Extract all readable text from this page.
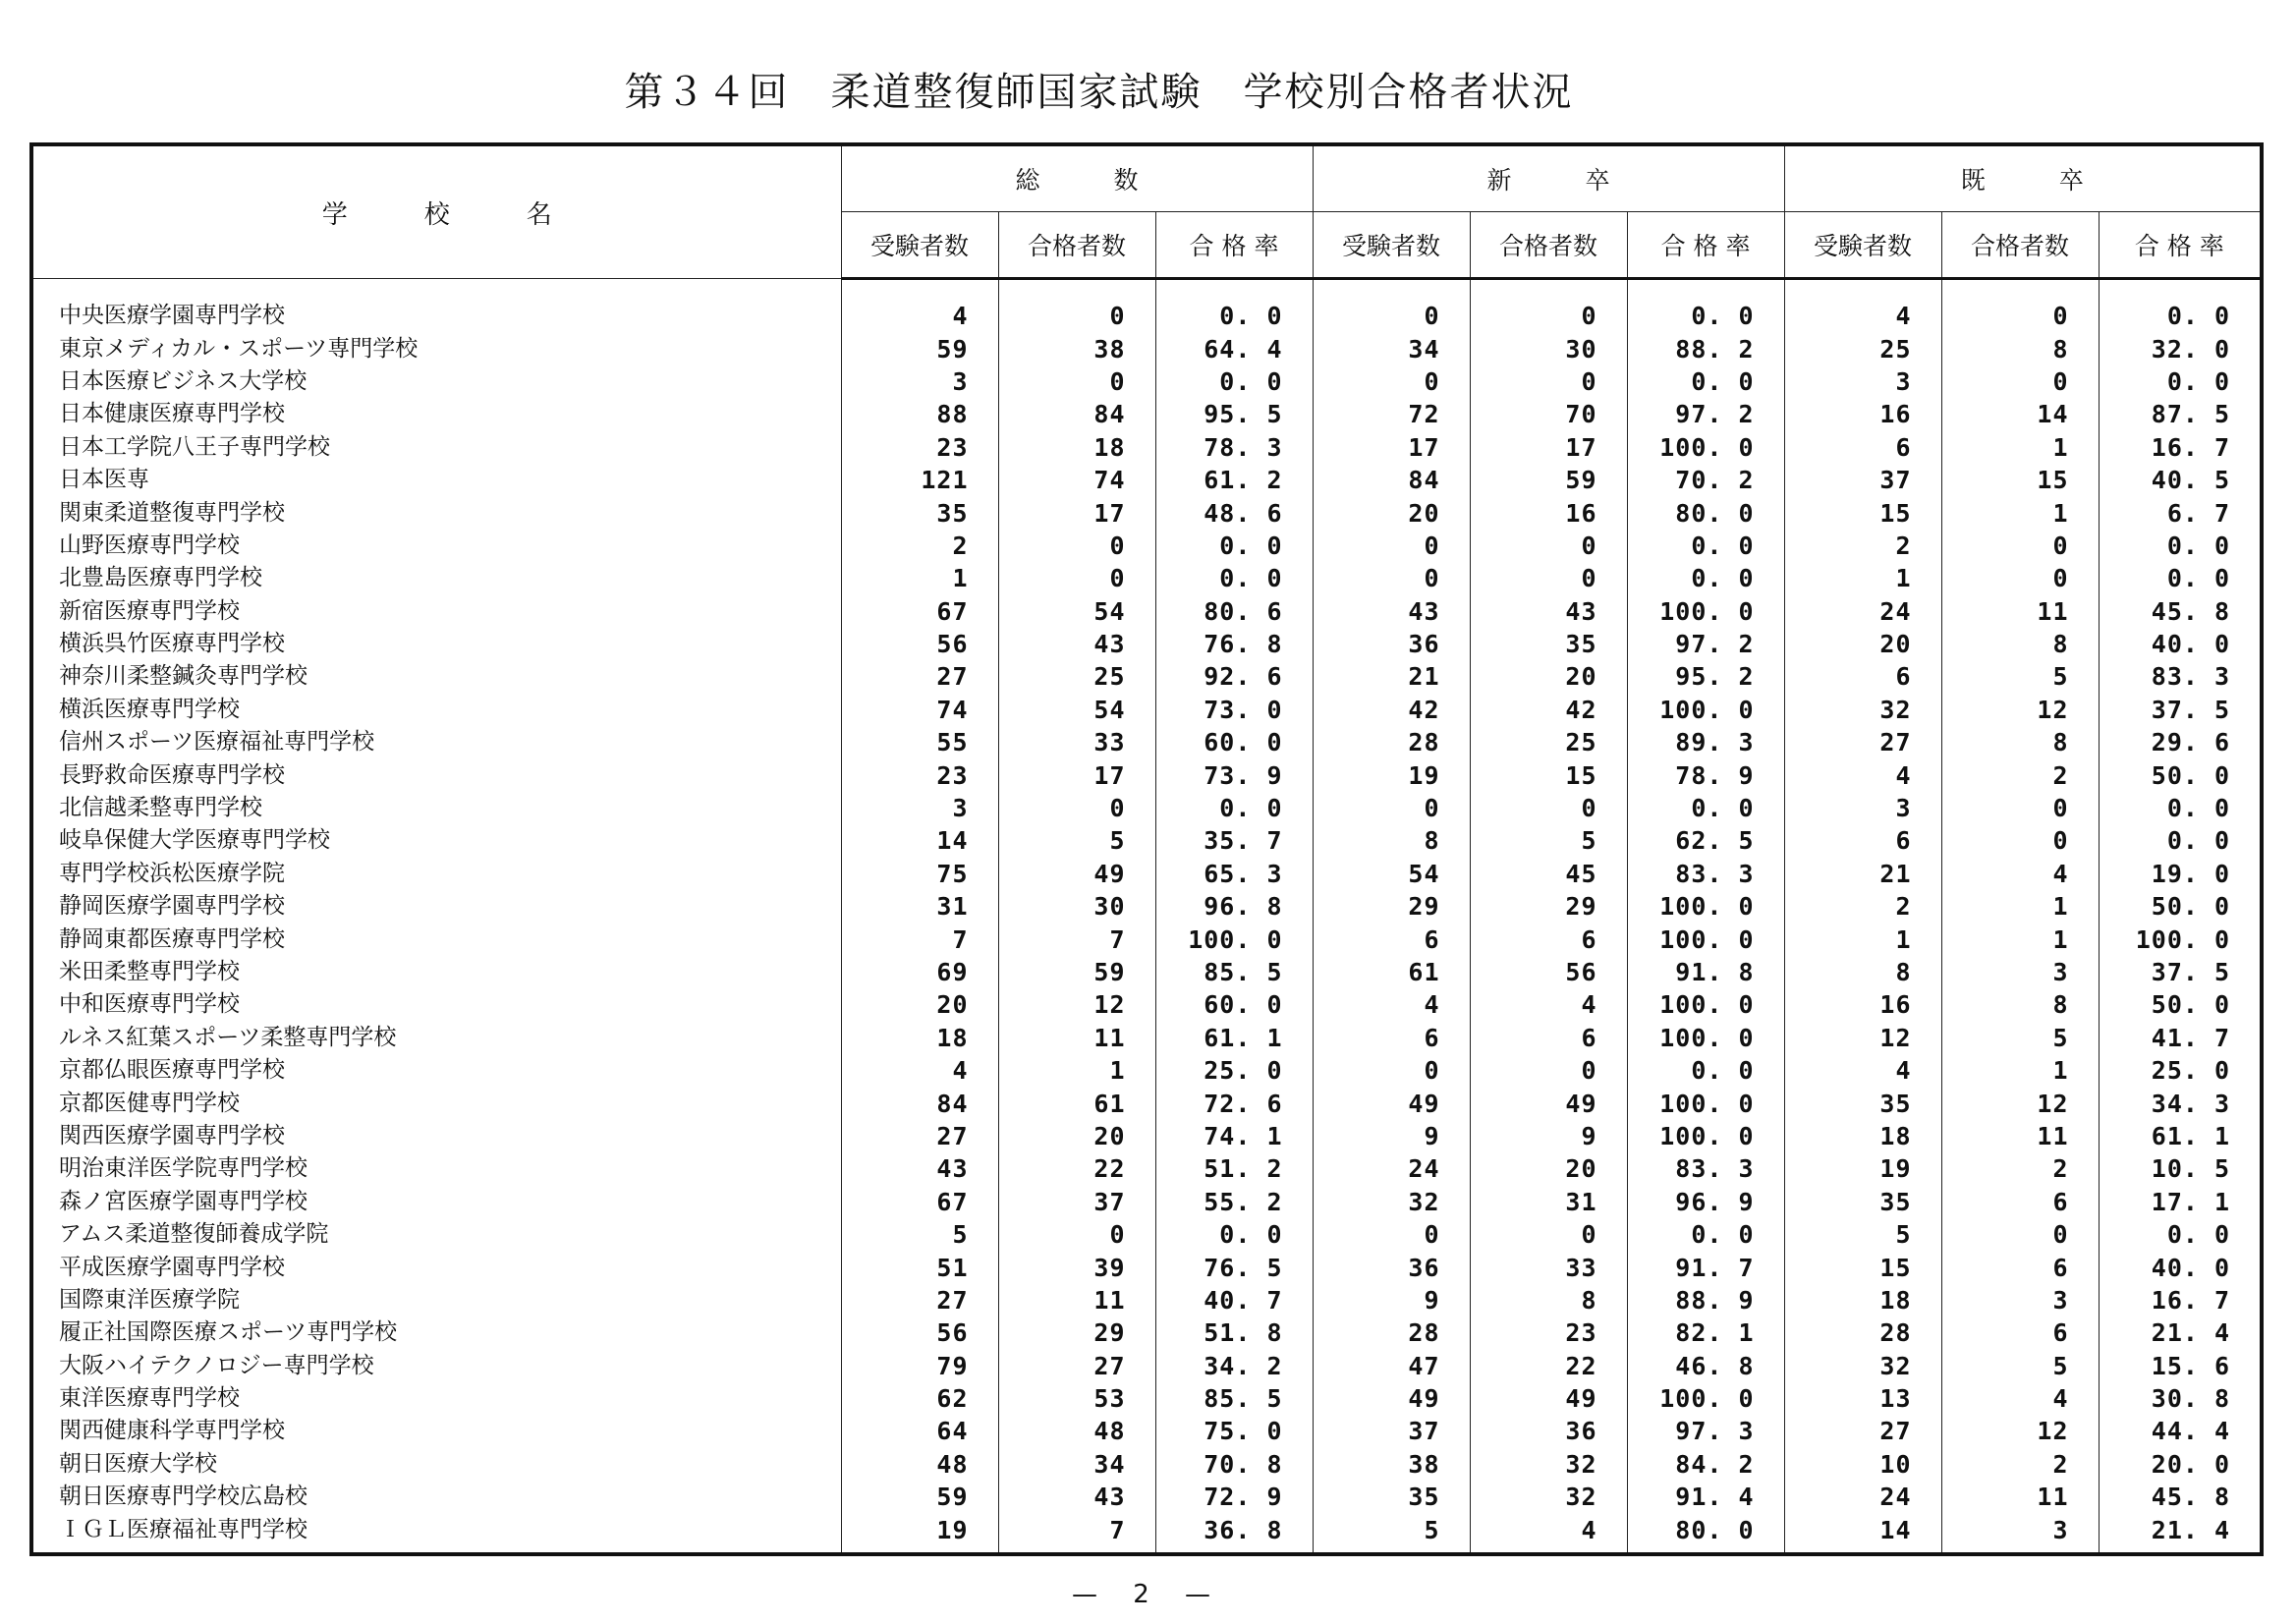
第３４回　柔道整復師国家試験　学校別合格者状況
学　　　校　　　名	総　　　数			新　　　卒			既　　　卒		
	受験者数	合格者数	合 格 率	受験者数	合格者数	合 格 率	受験者数	合格者数	合 格 率

中央医療学園専門学校	4	0	0. 0	0	0	0. 0	4	0	0. 0
東京メディカル・スポーツ専門学校	59	38	64. 4	34	30	88. 2	25	8	32. 0
日本医療ビジネス大学校	3	0	0. 0	0	0	0. 0	3	0	0. 0
日本健康医療専門学校	88	84	95. 5	72	70	97. 2	16	14	87. 5
日本工学院八王子専門学校	23	18	78. 3	17	17	100. 0	6	1	16. 7
日本医専	121	74	61. 2	84	59	70. 2	37	15	40. 5
関東柔道整復専門学校	35	17	48. 6	20	16	80. 0	15	1	6. 7
山野医療専門学校	2	0	0. 0	0	0	0. 0	2	0	0. 0
北豊島医療専門学校	1	0	0. 0	0	0	0. 0	1	0	0. 0
新宿医療専門学校	67	54	80. 6	43	43	100. 0	24	11	45. 8
横浜呉竹医療専門学校	56	43	76. 8	36	35	97. 2	20	8	40. 0
神奈川柔整鍼灸専門学校	27	25	92. 6	21	20	95. 2	6	5	83. 3
横浜医療専門学校	74	54	73. 0	42	42	100. 0	32	12	37. 5
信州スポーツ医療福祉専門学校	55	33	60. 0	28	25	89. 3	27	8	29. 6
長野救命医療専門学校	23	17	73. 9	19	15	78. 9	4	2	50. 0
北信越柔整専門学校	3	0	0. 0	0	0	0. 0	3	0	0. 0
岐阜保健大学医療専門学校	14	5	35. 7	8	5	62. 5	6	0	0. 0
専門学校浜松医療学院	75	49	65. 3	54	45	83. 3	21	4	19. 0
静岡医療学園専門学校	31	30	96. 8	29	29	100. 0	2	1	50. 0
静岡東都医療専門学校	7	7	100. 0	6	6	100. 0	1	1	100. 0
米田柔整専門学校	69	59	85. 5	61	56	91. 8	8	3	37. 5
中和医療専門学校	20	12	60. 0	4	4	100. 0	16	8	50. 0
ルネス紅葉スポーツ柔整専門学校	18	11	61. 1	6	6	100. 0	12	5	41. 7
京都仏眼医療専門学校	4	1	25. 0	0	0	0. 0	4	1	25. 0
京都医健専門学校	84	61	72. 6	49	49	100. 0	35	12	34. 3
関西医療学園専門学校	27	20	74. 1	9	9	100. 0	18	11	61. 1
明治東洋医学院専門学校	43	22	51. 2	24	20	83. 3	19	2	10. 5
森ノ宮医療学園専門学校	67	37	55. 2	32	31	96. 9	35	6	17. 1
アムス柔道整復師養成学院	5	0	0. 0	0	0	0. 0	5	0	0. 0
平成医療学園専門学校	51	39	76. 5	36	33	91. 7	15	6	40. 0
国際東洋医療学院	27	11	40. 7	9	8	88. 9	18	3	16. 7
履正社国際医療スポーツ専門学校	56	29	51. 8	28	23	82. 1	28	6	21. 4
大阪ハイテクノロジー専門学校	79	27	34. 2	47	22	46. 8	32	5	15. 6
東洋医療専門学校	62	53	85. 5	49	49	100. 0	13	4	30. 8
関西健康科学専門学校	64	48	75. 0	37	36	97. 3	27	12	44. 4
朝日医療大学校	48	34	70. 8	38	32	84. 2	10	2	20. 0
朝日医療専門学校広島校	59	43	72. 9	35	32	91. 4	24	11	45. 8
ＩＧＬ医療福祉専門学校	19	7	36. 8	5	4	80. 0	14	3	21. 4
— 2 —
